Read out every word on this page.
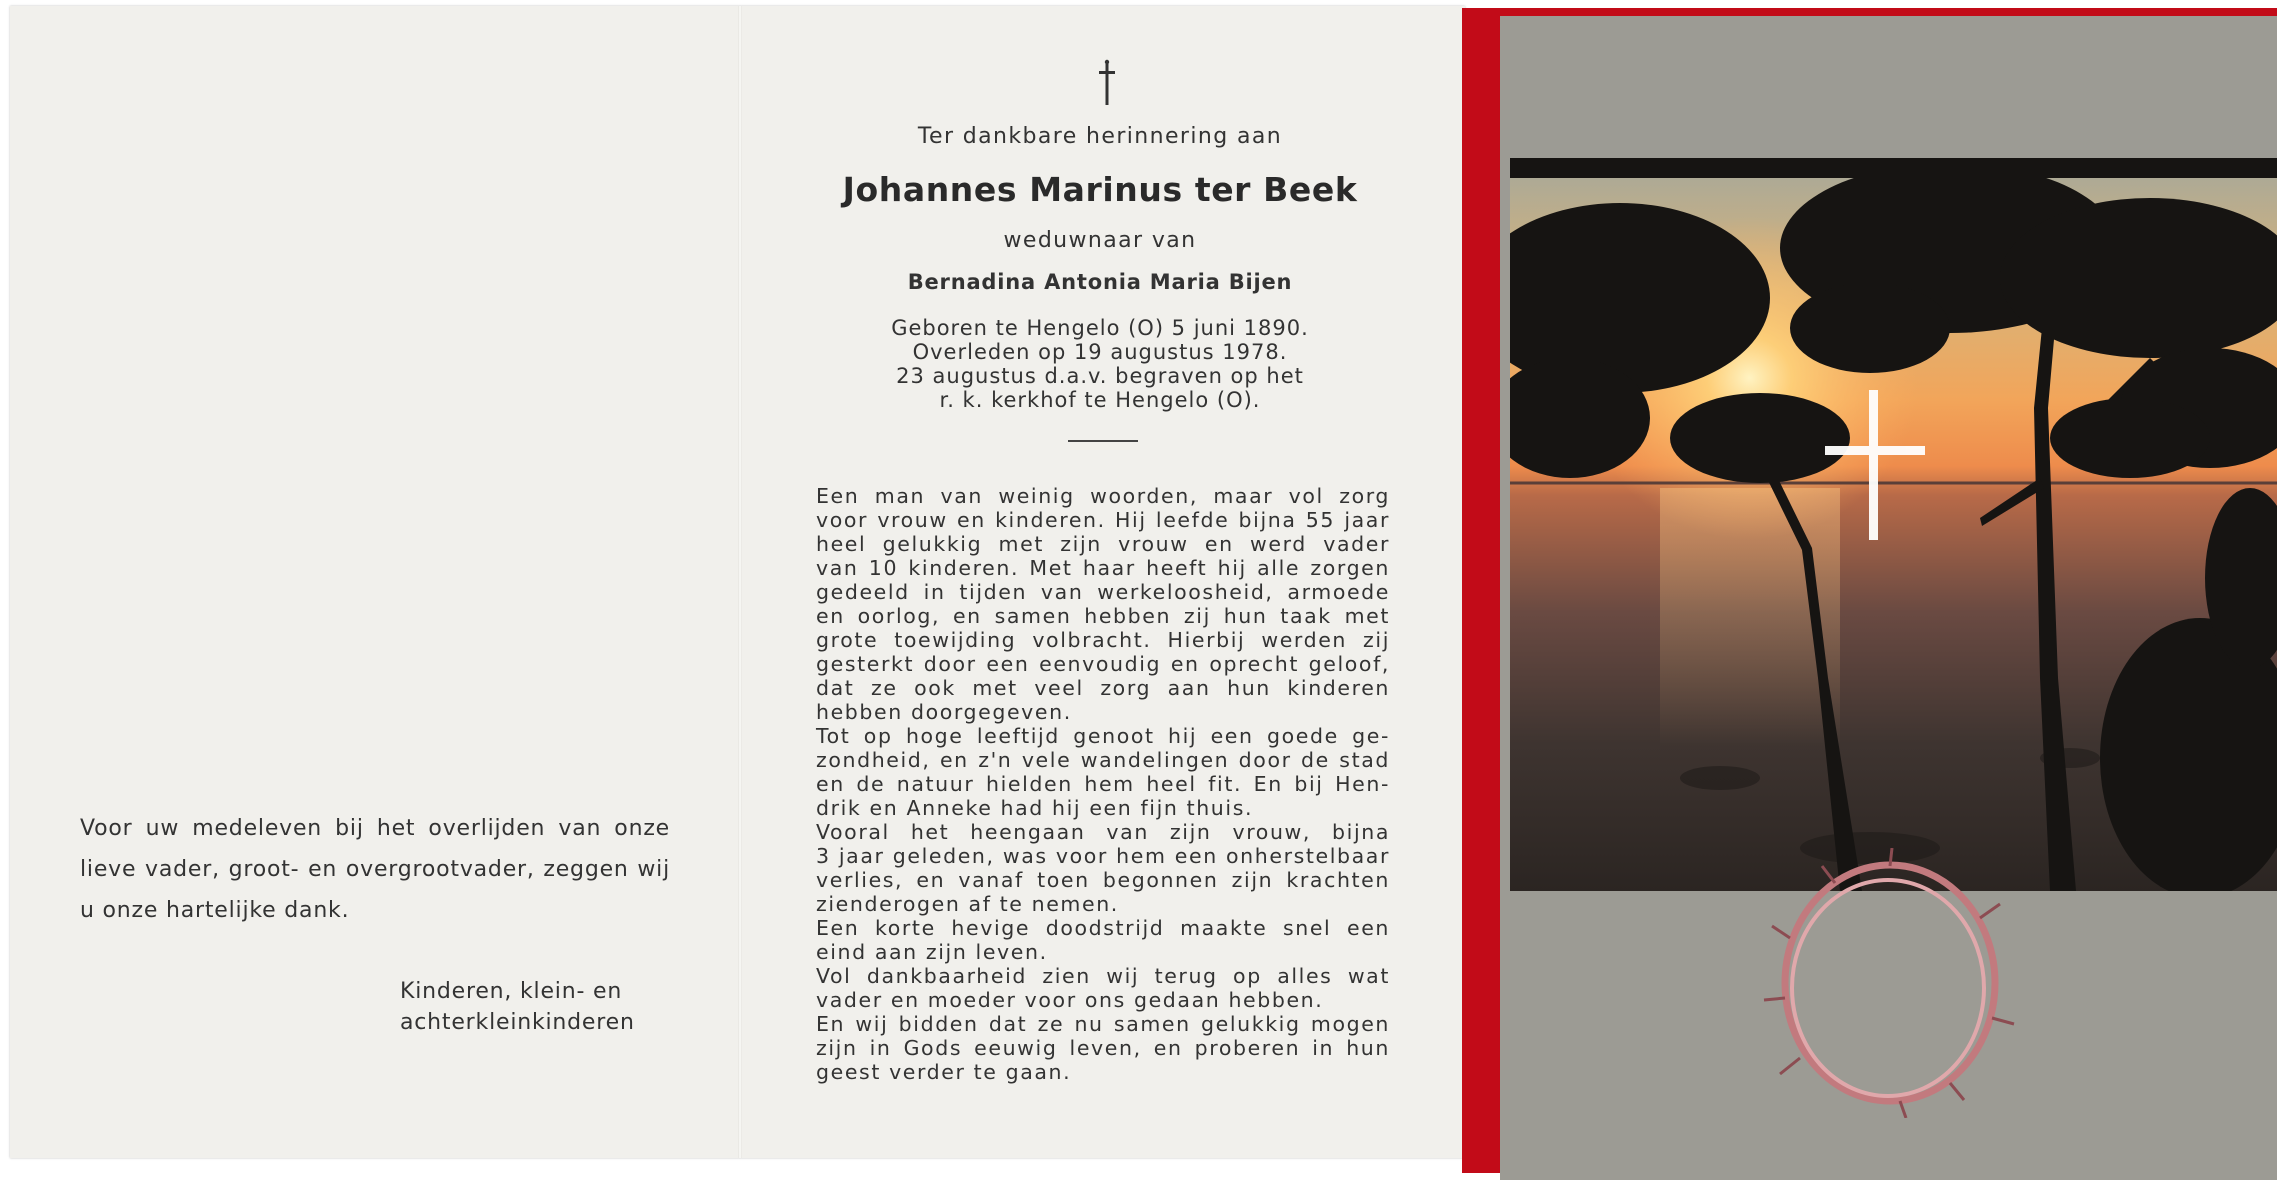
Voor uw medeleven bij het overlijden van onze lieve vader, groot- en overgrootvader, zeggen wij u onze hartelijke dank.
Kinderen, klein- en
achterkleinkinderen
Ter dankbare herinnering aan
Johannes Marinus ter Beek
weduwnaar van
Bernadina Antonia Maria Bijen
Geboren te Hengelo (O) 5 juni 1890.
Overleden op 19 augustus 1978.
23 augustus d.a.v. begraven op het
r. k. kerkhof te Hengelo (O).
Een man van weinig woorden, maar vol zorg
voor vrouw en kinderen. Hij leefde bijna 55 jaar
heel gelukkig met zijn vrouw en werd vader
van 10 kinderen. Met haar heeft hij alle zorgen
gedeeld in tijden van werkeloosheid, armoede
en oorlog, en samen hebben zij hun taak met
grote toewijding volbracht. Hierbij werden zij
gesterkt door een eenvoudig en oprecht geloof,
dat ze ook met veel zorg aan hun kinderen
hebben doorgegeven.
Tot op hoge leeftijd genoot hij een goede ge-
zondheid, en z'n vele wandelingen door de stad
en de natuur hielden hem heel fit. En bij Hen-
drik en Anneke had hij een fijn thuis.
Vooral het heengaan van zijn vrouw, bijna
3 jaar geleden, was voor hem een onherstelbaar
verlies, en vanaf toen begonnen zijn krachten
zienderogen af te nemen.
Een korte hevige doodstrijd maakte snel een
eind aan zijn leven.
Vol dankbaarheid zien wij terug op alles wat
vader en moeder voor ons gedaan hebben.
En wij bidden dat ze nu samen gelukkig mogen
zijn in Gods eeuwig leven, en proberen in hun
geest verder te gaan.
